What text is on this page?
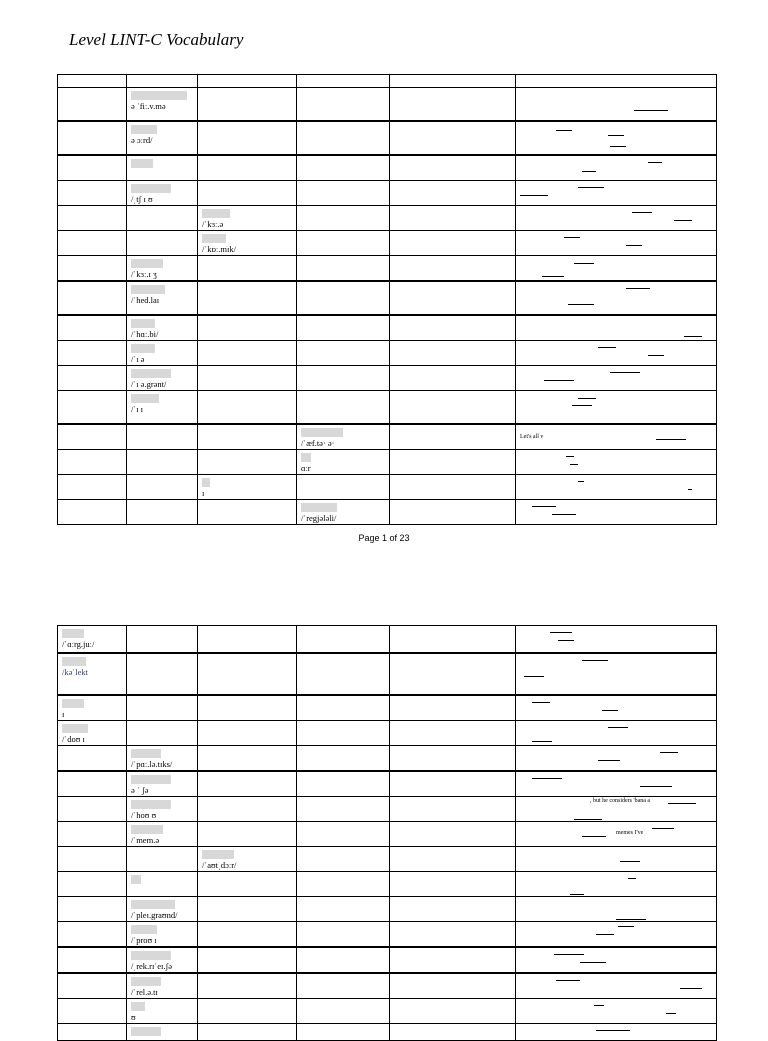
Level LINT-C Vocabulary

	ə ˈfiː.v.mə				

	ə ɔːrd/				

	/ˌtʃ ɪ ʊ				

		/ˈkɜː.ə			

		/ˈkɒː.mɪk/			

	/ˈkɜː.ɪ ʒ				

	/ˈhed.laɪ				

	/ˈhɑː.bi/				

	/ˈɪ ə				

	/ˈɪ ə.grənt/				

	/ˈɪ ɪ				

			/ˈæf.tə· ə·		Let's all v

			ɑːr		

		ɪ			

			/ˈregjələli/		

Page 1 of 23
/ˈɑːrg.juː/					

/kəˈlekt					

ɪ					

/ˈdoʊ ɪ					

	/ˈpɑː.lə.tɪks/				

	ə ˈ ʃə				

	/ˈhoʊ ʊ				, but he considers 'bana a

	/ˈmem.ə				memes I've

		/ˈaʊtˌdɔːr/			

	/ˈpleɪ.graʊnd/				

	/ˈproʊ ɪ				

	/ˌrek.rɪˈeɪ.ʃə				

	/ˈrel.ə.tɪ				

	ʊ				
